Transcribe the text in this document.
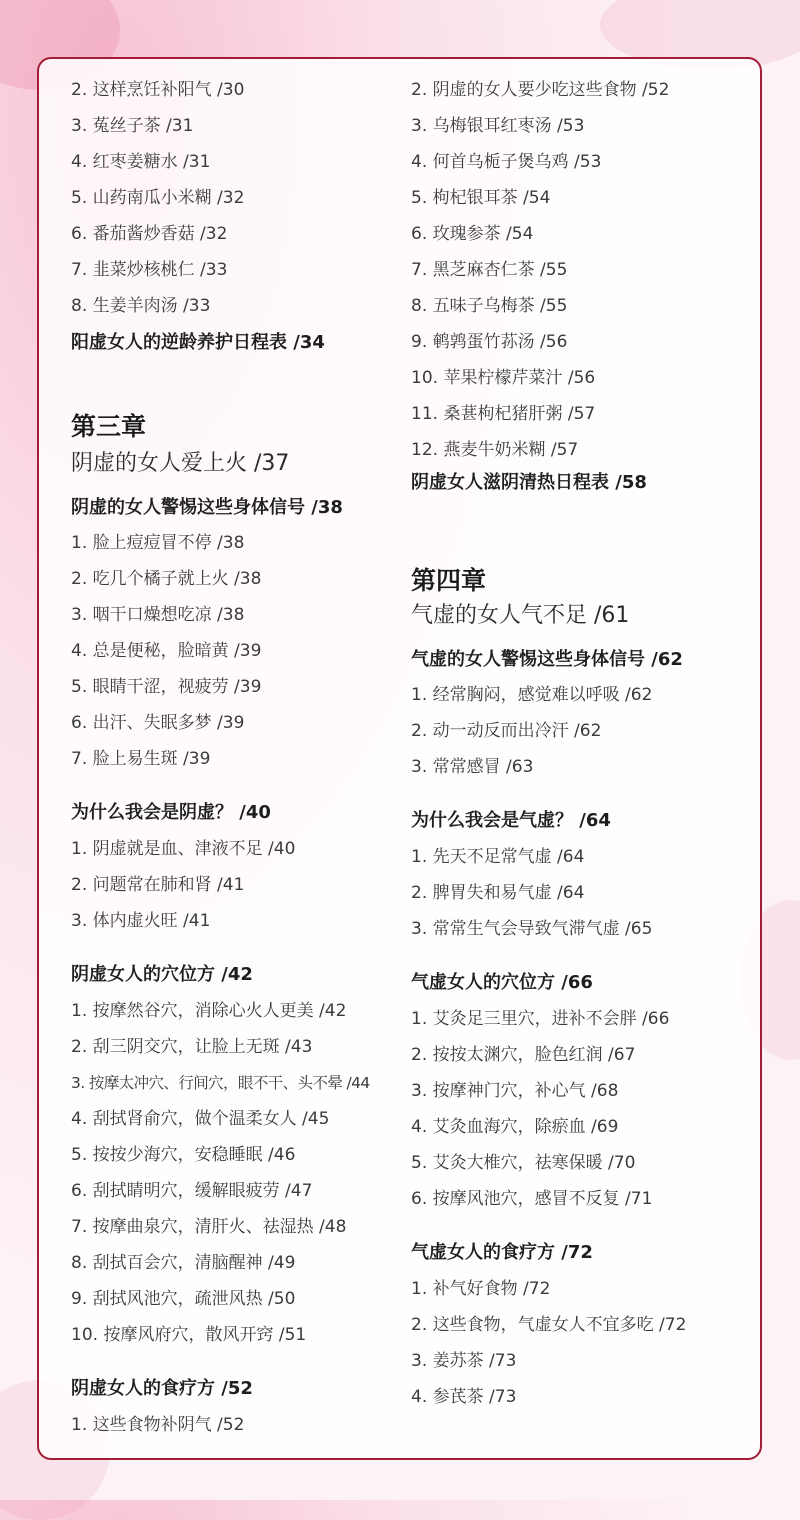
2. 这样烹饪补阳气 /30
3. 菟丝子茶 /31
4. 红枣姜糖水 /31
5. 山药南瓜小米糊 /32
6. 番茄酱炒香菇 /32
7. 韭菜炒核桃仁 /33
8. 生姜羊肉汤 /33
阳虚女人的逆龄养护日程表 /34
第三章
阴虚的女人爱上火 /37
阴虚的女人警惕这些身体信号 /38
1. 脸上痘痘冒不停 /38
2. 吃几个橘子就上火 /38
3. 咽干口燥想吃凉 /38
4. 总是便秘，脸暗黄 /39
5. 眼睛干涩，视疲劳 /39
6. 出汗、失眠多梦 /39
7. 脸上易生斑 /39
为什么我会是阴虚？ /40
1. 阴虚就是血、津液不足 /40
2. 问题常在肺和肾 /41
3. 体内虚火旺 /41
阴虚女人的穴位方 /42
1. 按摩然谷穴，消除心火人更美 /42
2. 刮三阴交穴，让脸上无斑 /43
3. 按摩太冲穴、行间穴，眼不干、头不晕 /44
4. 刮拭肾俞穴，做个温柔女人 /45
5. 按按少海穴，安稳睡眠 /46
6. 刮拭睛明穴，缓解眼疲劳 /47
7. 按摩曲泉穴，清肝火、祛湿热 /48
8. 刮拭百会穴，清脑醒神 /49
9. 刮拭风池穴，疏泄风热 /50
10. 按摩风府穴，散风开窍 /51
阴虚女人的食疗方 /52
1. 这些食物补阴气 /52
2. 阴虚的女人要少吃这些食物 /52
3. 乌梅银耳红枣汤 /53
4. 何首乌栀子煲乌鸡 /53
5. 枸杞银耳茶 /54
6. 玫瑰参茶 /54
7. 黑芝麻杏仁茶 /55
8. 五味子乌梅茶 /55
9. 鹌鹑蛋竹荪汤 /56
10. 苹果柠檬芹菜汁 /56
11. 桑葚枸杞猪肝粥 /57
12. 燕麦牛奶米糊 /57
阴虚女人滋阴清热日程表 /58
第四章
气虚的女人气不足 /61
气虚的女人警惕这些身体信号 /62
1. 经常胸闷，感觉难以呼吸 /62
2. 动一动反而出冷汗 /62
3. 常常感冒 /63
为什么我会是气虚？ /64
1. 先天不足常气虚 /64
2. 脾胃失和易气虚 /64
3. 常常生气会导致气滞气虚 /65
气虚女人的穴位方 /66
1. 艾灸足三里穴，进补不会胖 /66
2. 按按太渊穴，脸色红润 /67
3. 按摩神门穴，补心气 /68
4. 艾灸血海穴，除瘀血 /69
5. 艾灸大椎穴，祛寒保暖 /70
6. 按摩风池穴，感冒不反复 /71
气虚女人的食疗方 /72
1. 补气好食物 /72
2. 这些食物，气虚女人不宜多吃 /72
3. 姜苏茶 /73
4. 参芪茶 /73
